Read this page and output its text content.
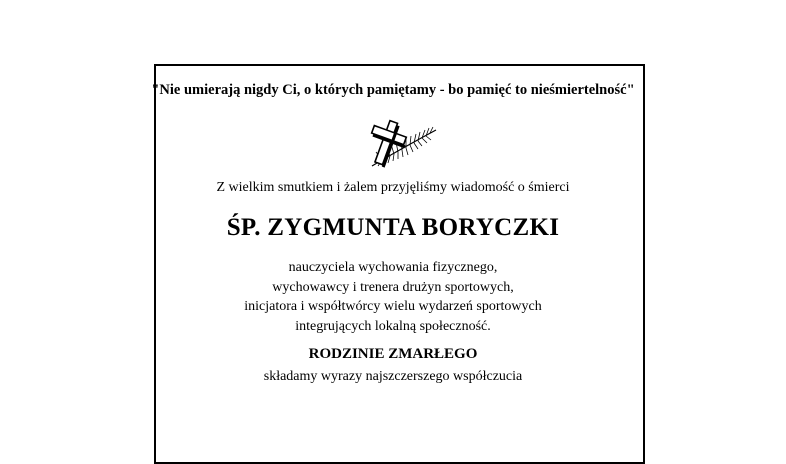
"Nie umierają nigdy Ci, o których pamiętamy - bo pamięć to nieśmiertelność"
Z wielkim smutkiem i żalem przyjęliśmy wiadomość o śmierci
ŚP. ZYGMUNTA BORYCZKI
nauczyciela wychowania fizycznego,
wychowawcy i trenera drużyn sportowych,
inicjatora i współtwórcy wielu wydarzeń sportowych
integrujących lokalną społeczność.
RODZINIE ZMARŁEGO
składamy wyrazy najszczerszego współczucia
